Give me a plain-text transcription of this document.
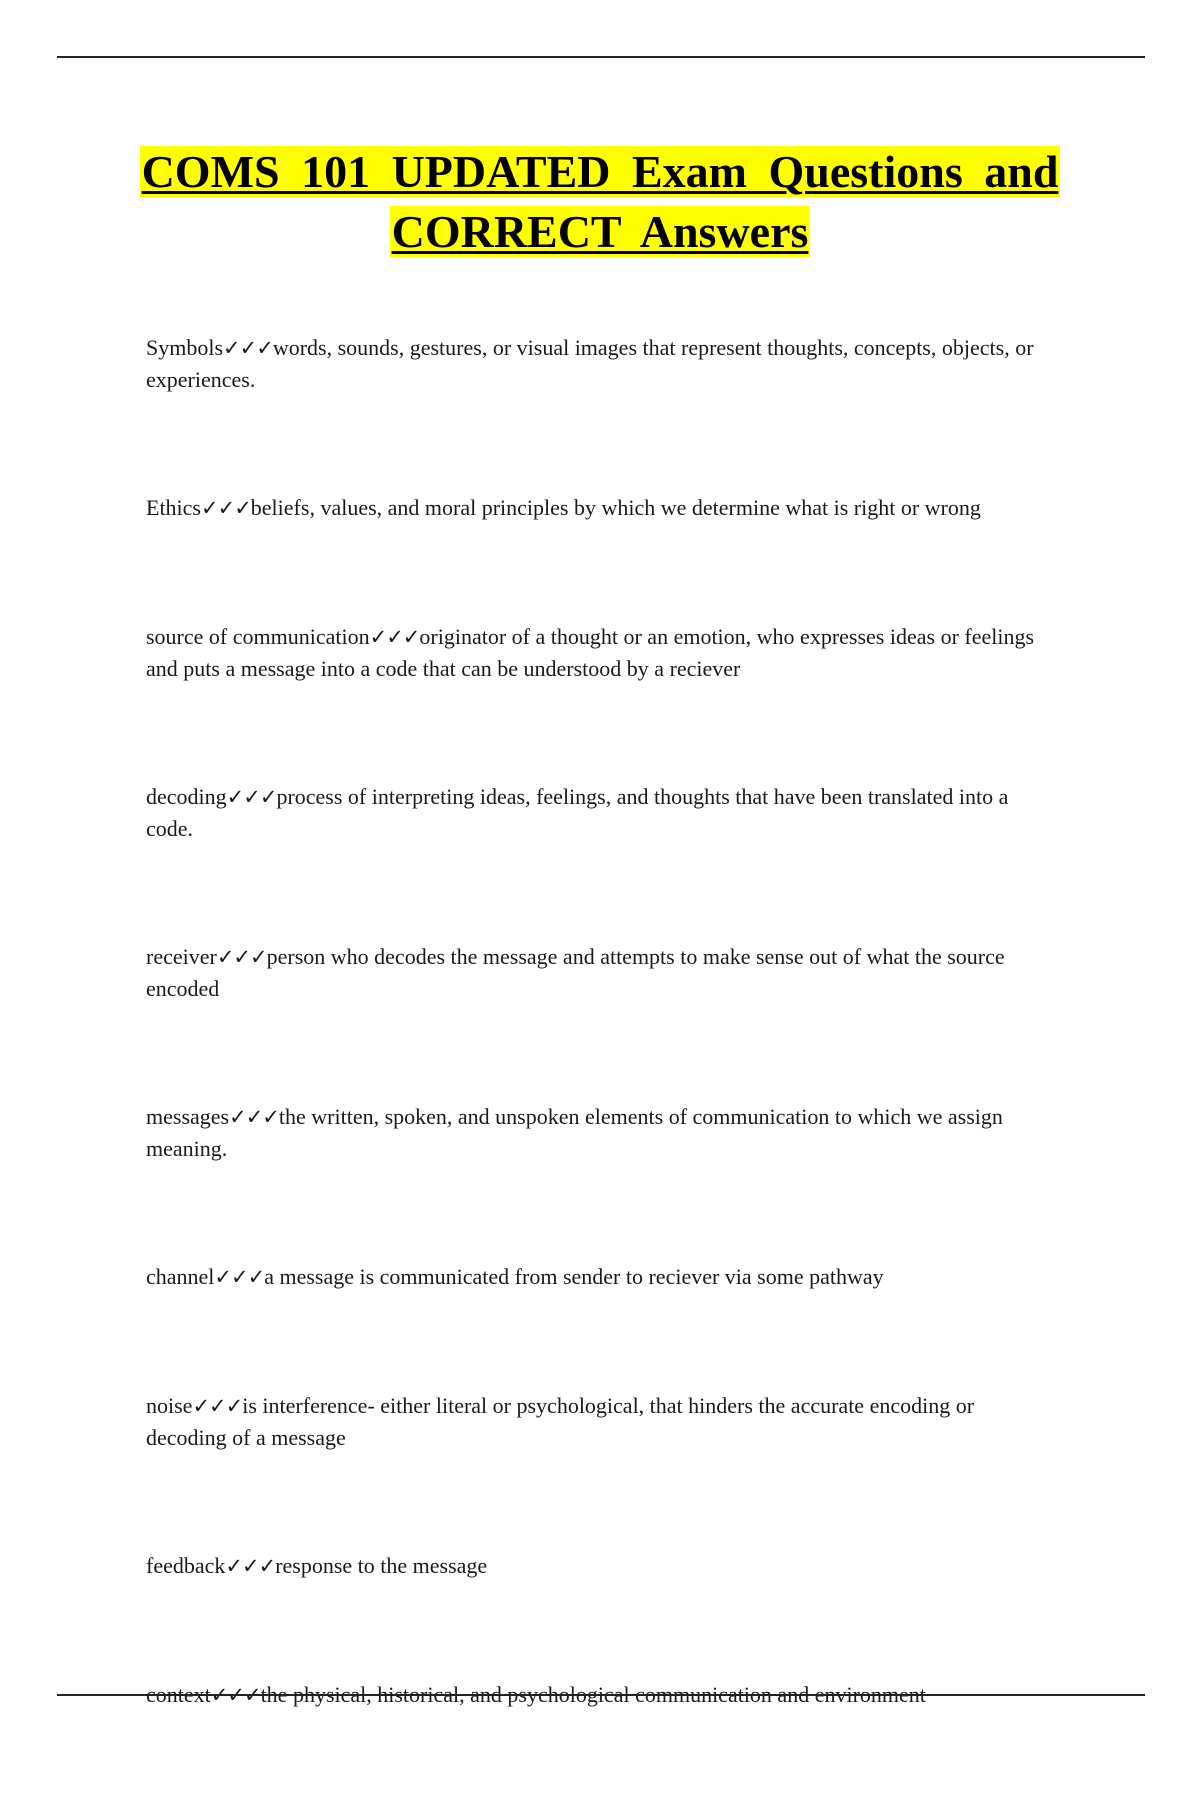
COMS 101 UPDATED Exam Questions and CORRECT Answers

Symbols✓✓✓words, sounds, gestures, or visual images that represent thoughts, concepts, objects, or experiences.

Ethics✓✓✓beliefs, values, and moral principles by which we determine what is right or wrong

source of communication✓✓✓originator of a thought or an emotion, who expresses ideas or feelings and puts a message into a code that can be understood by a reciever

decoding✓✓✓process of interpreting ideas, feelings, and thoughts that have been translated into a code.

receiver✓✓✓person who decodes the message and attempts to make sense out of what the source encoded

messages✓✓✓the written, spoken, and unspoken elements of communication to which we assign meaning.

channel✓✓✓a message is communicated from sender to reciever via some pathway

noise✓✓✓is interference- either literal or psychological, that hinders the accurate encoding or decoding of a message

feedback✓✓✓response to the message

context✓✓✓the physical, historical, and psychological communication and environment
